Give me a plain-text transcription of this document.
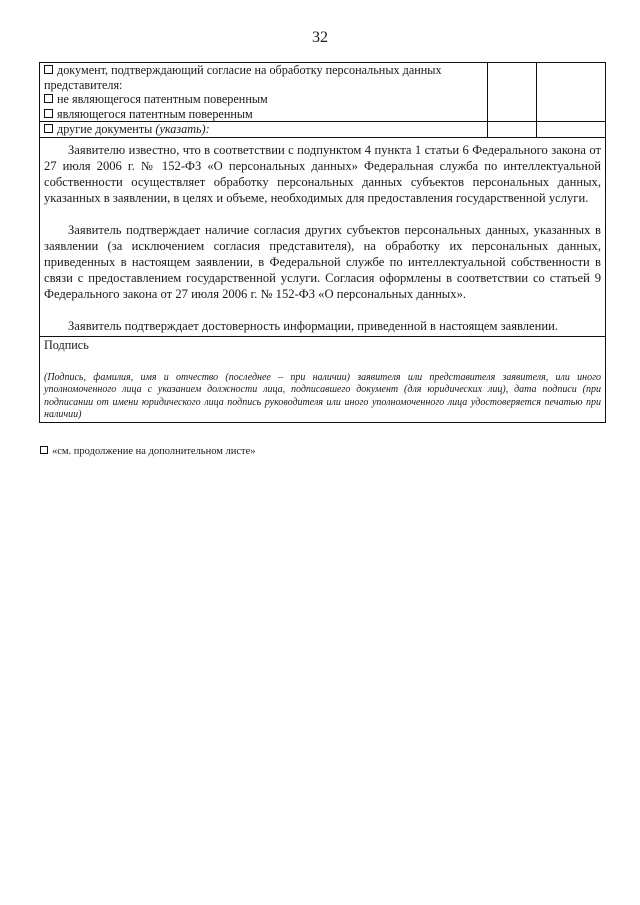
32
документ, подтверждающий согласие на обработку персональных данных
представителя:
не являющегося патентным поверенным
являющегося патентным поверенным		

другие документы (указать):		

Заявителю известно, что в соответствии с подпунктом 4 пункта 1 статьи 6 Федерального закона от 27 июля 2006 г. № 152-ФЗ «О персональных данных» Федеральная служба по интеллектуальной собственности осуществляет обработку персональных данных субъектов персональных данных, указанных в заявлении, в целях и объеме, необходимых для предоставления государственной услуги.

Заявитель подтверждает наличие согласия других субъектов персональных данных, указанных в заявлении (за исключением согласия представителя), на обработку их персональных данных, приведенных в настоящем заявлении, в Федеральной службе по интеллектуальной собственности в связи с предоставлением государственной услуги. Согласия оформлены в соответствии со статьей 9 Федерального закона от 27 июля 2006 г. № 152-ФЗ «О персональных данных».

Заявитель подтверждает достоверность информации, приведенной в настоящем заявлении.		

Подпись
(Подпись, фамилия, имя и отчество (последнее – при наличии) заявителя или представителя заявителя, или иного уполномоченного лица с указанием должности лица, подписавшего документ (для юридических лиц), дата подписи (при подписании от имени юридического лица подпись руководителя или иного уполномоченного лица удостоверяется печатью при наличии)		
«см. продолжение на дополнительном листе»
